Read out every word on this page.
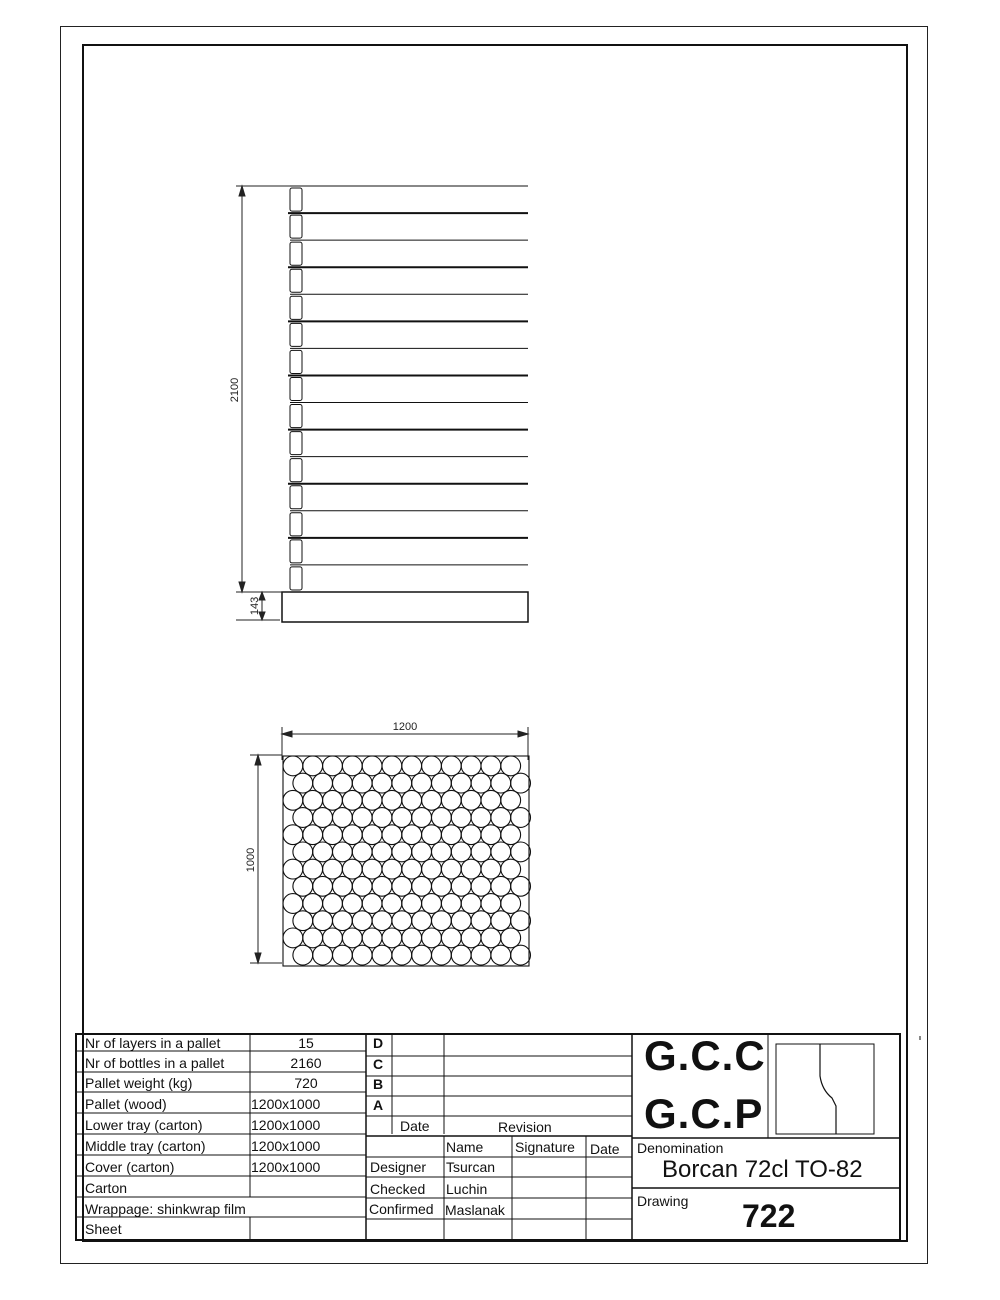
2100
143
1200
1000
Nr of layers in a pallet	15
Nr of bottles in a pallet	2160
Pallet weight (kg)	720
Pallet (wood)	1200x1000
Lower tray (carton)	1200x1000
Middle tray (carton)	1200x1000
Cover (carton)	1200x1000
Carton
Wrappage: shinkwrap film
Sheet
D
C
B
A
Date	Revision
Name Signature Date
Designer Tsurcan
Checked Luchin
Confirmed Maslanak
G.C.C
G.C.P
Denomination
Borcan 72cl TO-82
Drawing 722
